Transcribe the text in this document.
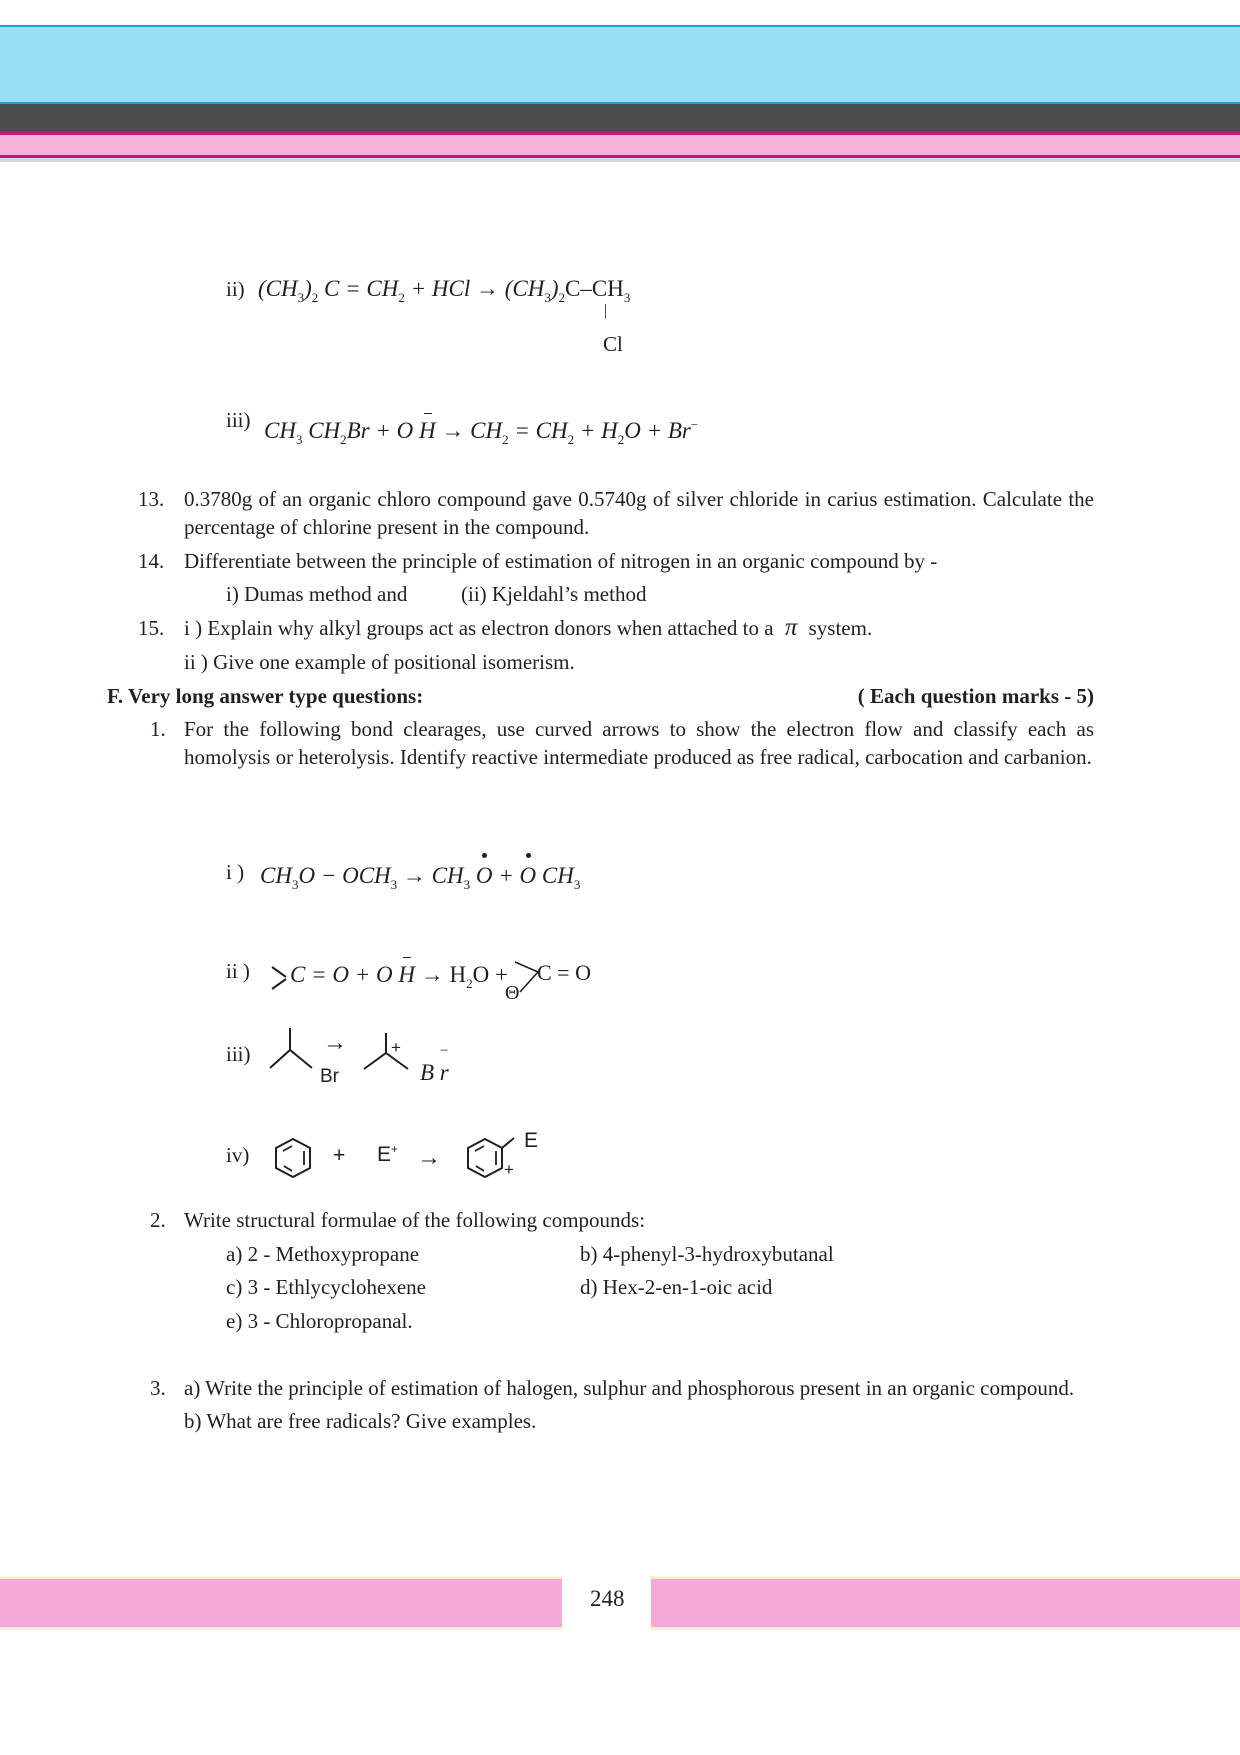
ii) $(CH_3)_2$ $C = CH_2$ + HCl → $(CH_3)_2C-CH_3$
|
Cl
iii) $CH_3$ $CH_2Br + O$ $H \to CH_2 = CH_2 + H_2O + Br^-$
13. 0.3780g of an organic chloro compound gave 0.5740g of silver chloride in carius estimation. Calculate the percentage of chlorine present in the compound.
14. Differentiate between the principle of estimation of nitrogen in an organic compound by -
i) Dumas method and	(ii) Kjeldahl’s method
15. i ) Explain why alkyl groups act as electron donors when attached to a π system.
ii ) Give one example of positional isomerism.
F. Very long answer type questions:	( Each question marks - 5)
1. For the following bond clearages, use curved arrows to show the electron flow and classify each as homolysis or heterolysis. Identify reactive intermediate produced as free radical, carbocation and carbanion.
i ) $CH_3O - OCH_3 \to CH_3$ O + O $CH_3$
ii ) C = O + O $H \to H_2O + C = O$
Θ
iii)
Br
→	+
B r
−
iv)	+ E+ →
E
+
2. Write structural formulae of the following compounds:
a) 2 - Methoxypropane	b) 4-phenyl-3-hydroxybutanal
c) 3 - Ethlycyclohexene	d) Hex-2-en-1-oic acid
e) 3 - Chloropropanal.
3. a) Write the principle of estimation of halogen, sulphur and phosphorous present in an organic compound.
b) What are free radicals? Give examples.
248
